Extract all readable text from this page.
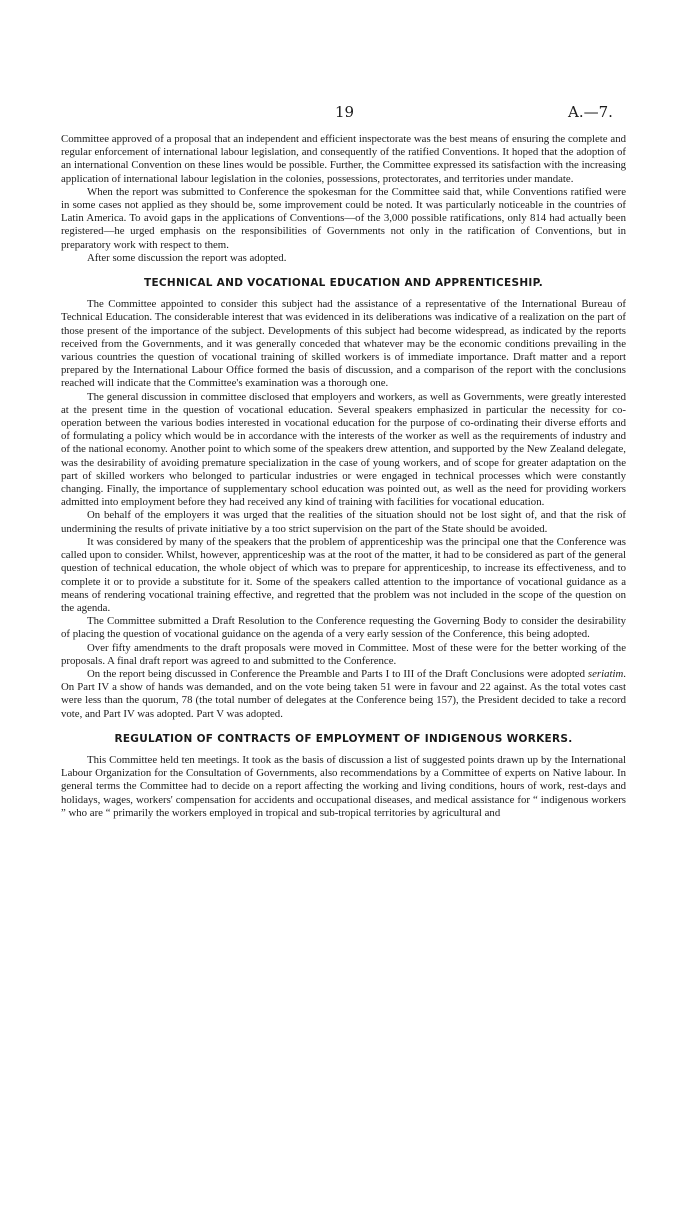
19	A.—7.

Committee approved of a proposal that an independent and efficient inspectorate was the best means of ensuring the complete and regular enforcement of international labour legislation, and consequently of the ratified Conventions. It hoped that the adoption of an international Convention on these lines would be possible. Further, the Committee expressed its satisfaction with the increasing application of international labour legislation in the colonies, possessions, protectorates, and territories under mandate.

When the report was submitted to Conference the spokesman for the Committee said that, while Conventions ratified were in some cases not applied as they should be, some improvement could be noted. It was particularly noticeable in the countries of Latin America. To avoid gaps in the applications of Conventions—of the 3,000 possible ratifications, only 814 had actually been registered—he urged emphasis on the responsibilities of Governments not only in the ratification of Conventions, but in preparatory work with respect to them.

After some discussion the report was adopted.

TECHNICAL AND VOCATIONAL EDUCATION AND APPRENTICESHIP.

The Committee appointed to consider this subject had the assistance of a representative of the International Bureau of Technical Education. The considerable interest that was evidenced in its deliberations was indicative of a realization on the part of those present of the importance of the subject. Developments of this subject had become widespread, as indicated by the reports received from the Governments, and it was generally conceded that whatever may be the economic conditions prevailing in the various countries the question of vocational training of skilled workers is of immediate importance. Draft matter and a report prepared by the International Labour Office formed the basis of discussion, and a comparison of the report with the conclusions reached will indicate that the Committee's examination was a thorough one.

The general discussion in committee disclosed that employers and workers, as well as Governments, were greatly interested at the present time in the question of vocational education. Several speakers emphasized in particular the necessity for co-operation between the various bodies interested in vocational education for the purpose of co-ordinating their diverse efforts and of formulating a policy which would be in accordance with the interests of the worker as well as the requirements of industry and of the national economy. Another point to which some of the speakers drew attention, and supported by the New Zealand delegate, was the desirability of avoiding premature specialization in the case of young workers, and of scope for greater adaptation on the part of skilled workers who belonged to particular industries or were engaged in technical processes which were constantly changing. Finally, the importance of supplementary school education was pointed out, as well as the need for providing workers admitted into employment before they had received any kind of training with facilities for vocational education.

On behalf of the employers it was urged that the realities of the situation should not be lost sight of, and that the risk of undermining the results of private initiative by a too strict supervision on the part of the State should be avoided.

It was considered by many of the speakers that the problem of apprenticeship was the principal one that the Conference was called upon to consider. Whilst, however, apprenticeship was at the root of the matter, it had to be considered as part of the general question of technical education, the whole object of which was to prepare for apprenticeship, to increase its effectiveness, and to complete it or to provide a substitute for it. Some of the speakers called attention to the importance of vocational guidance as a means of rendering vocational training effective, and regretted that the problem was not included in the scope of the question on the agenda.

The Committee submitted a Draft Resolution to the Conference requesting the Governing Body to consider the desirability of placing the question of vocational guidance on the agenda of a very early session of the Conference, this being adopted.

Over fifty amendments to the draft proposals were moved in Committee. Most of these were for the better working of the proposals. A final draft report was agreed to and submitted to the Conference.

On the report being discussed in Conference the Preamble and Parts I to III of the Draft Conclusions were adopted seriatim. On Part IV a show of hands was demanded, and on the vote being taken 51 were in favour and 22 against. As the total votes cast were less than the quorum, 78 (the total number of delegates at the Conference being 157), the President decided to take a record vote, and Part IV was adopted. Part V was adopted.

REGULATION OF CONTRACTS OF EMPLOYMENT OF INDIGENOUS WORKERS.

This Committee held ten meetings. It took as the basis of discussion a list of suggested points drawn up by the International Labour Organization for the Consultation of Governments, also recommendations by a Committee of experts on Native labour. In general terms the Committee had to decide on a report affecting the working and living conditions, hours of work, rest-days and holidays, wages, workers' compensation for accidents and occupational diseases, and medical assistance for “ indigenous workers ” who are “ primarily the workers employed in tropical and sub-tropical territories by agricultural and
